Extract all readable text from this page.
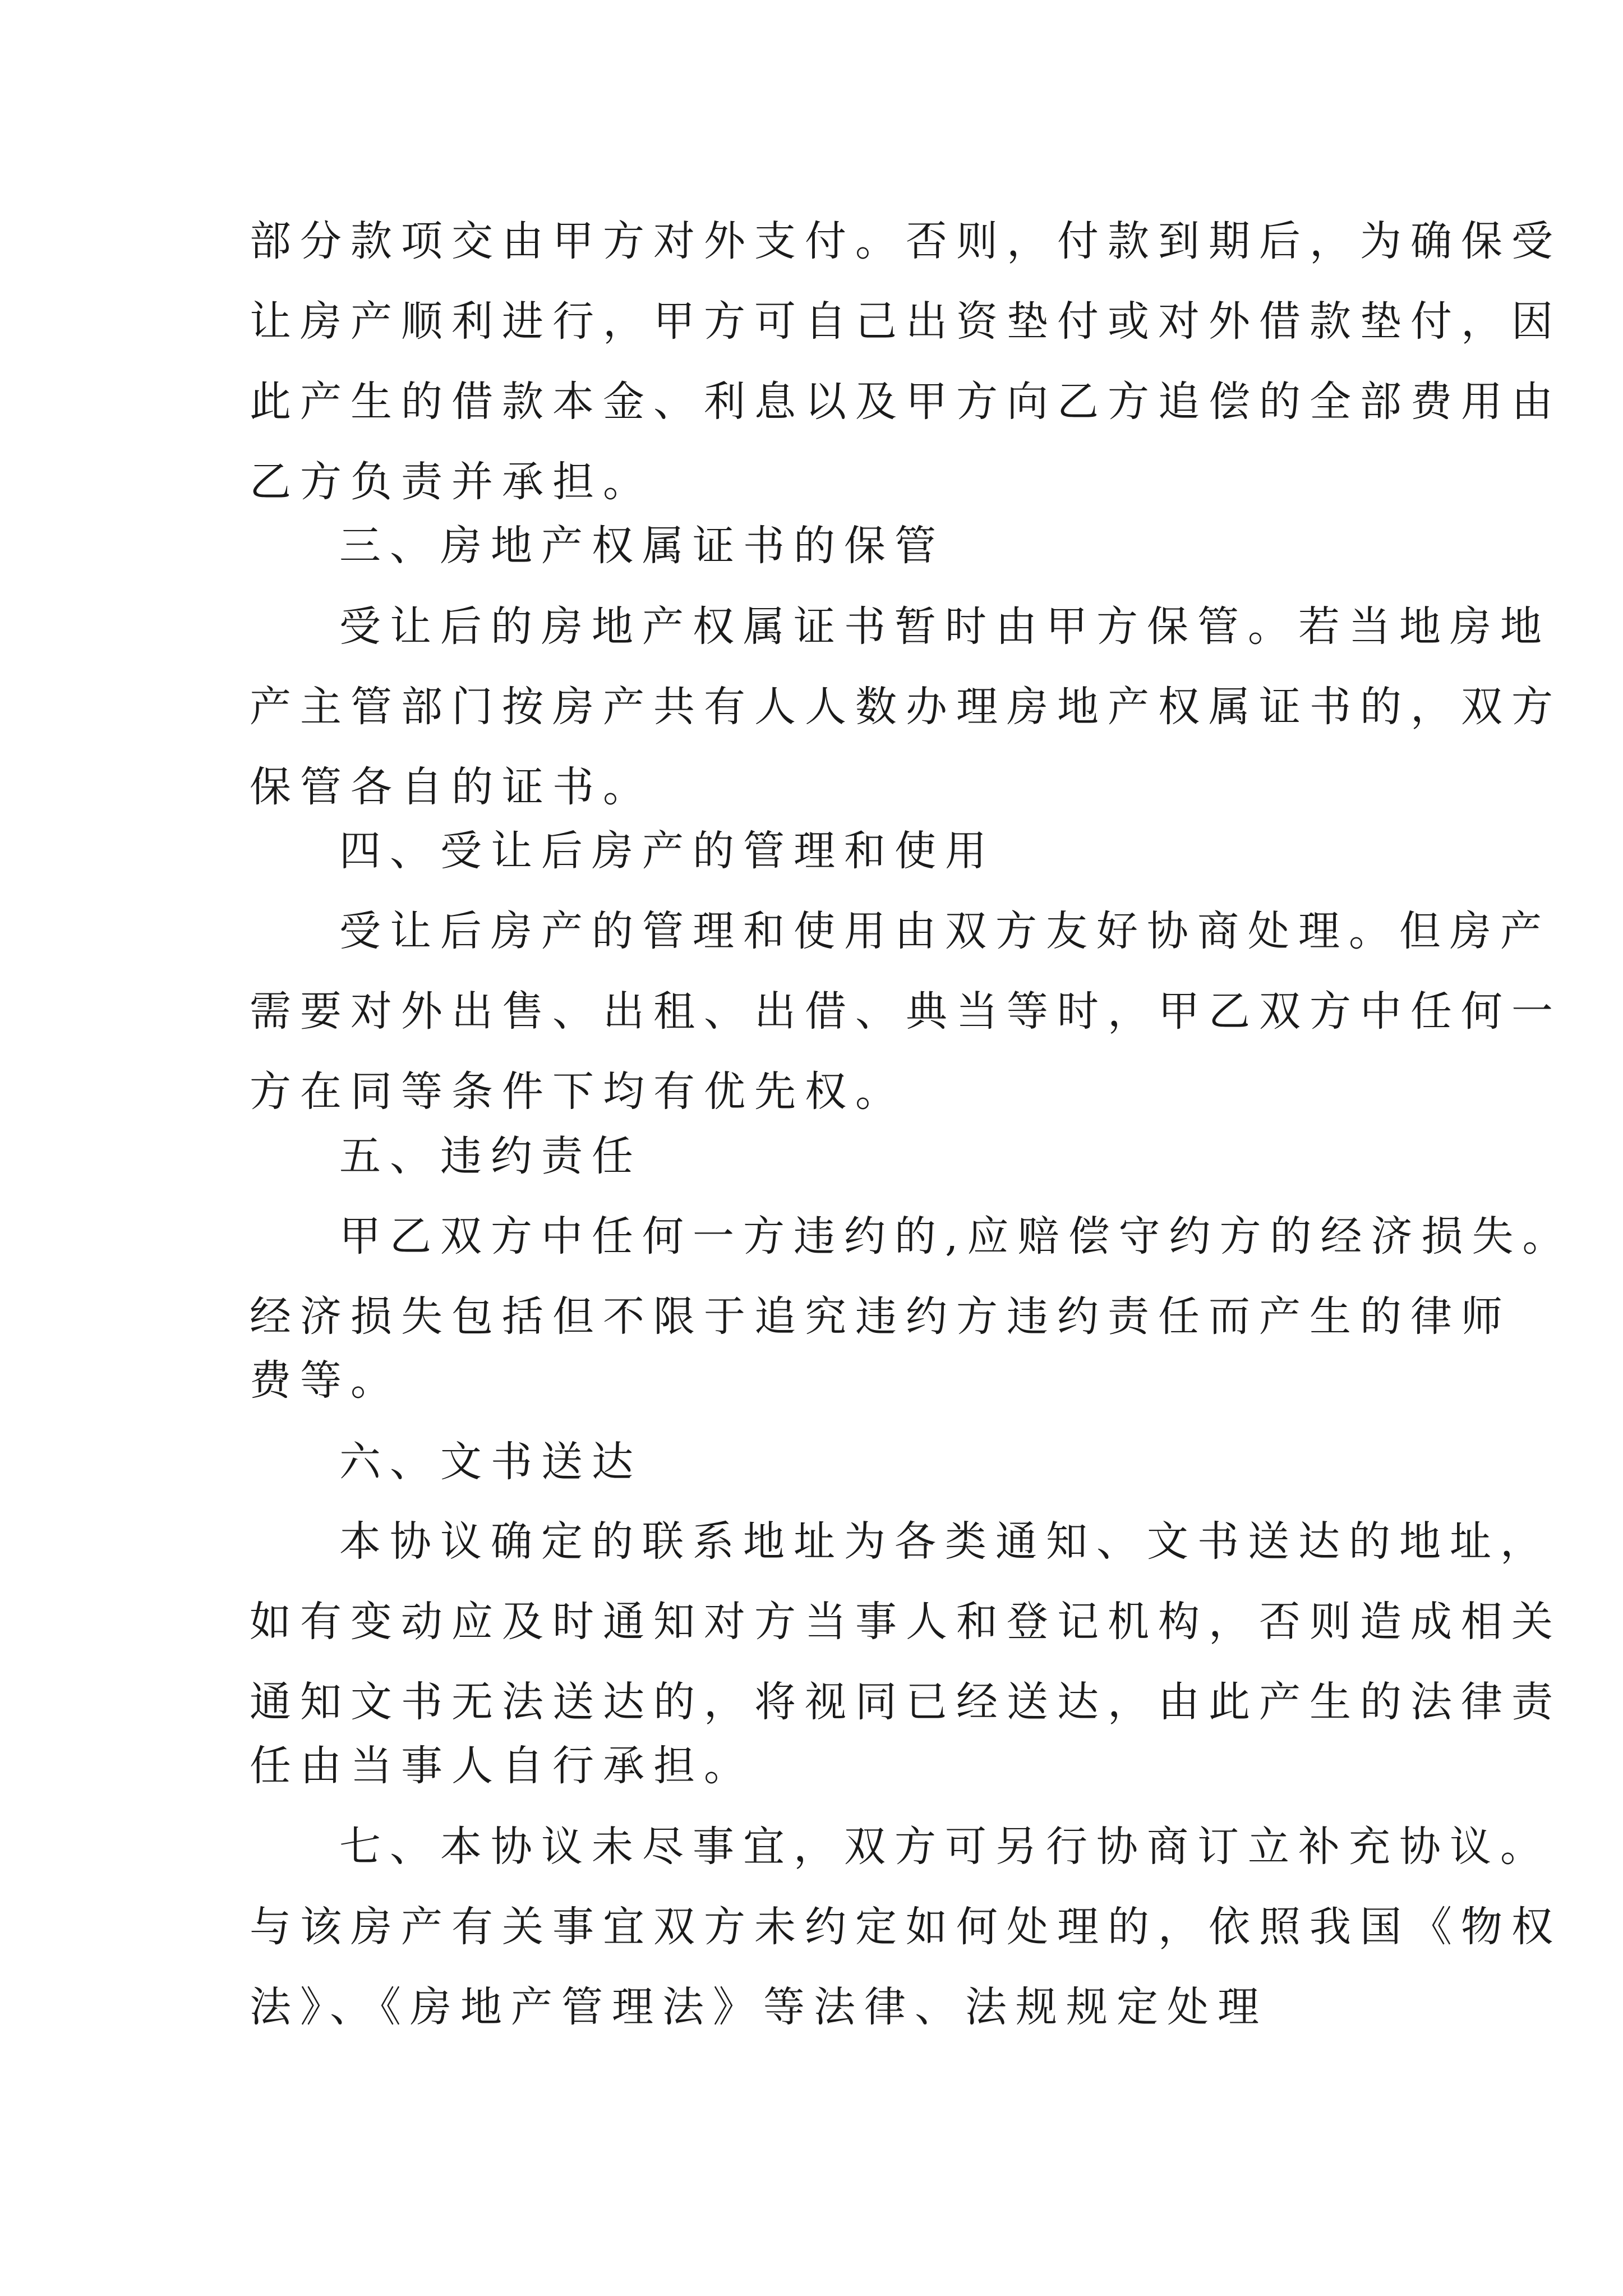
部分款项交由甲方对外支付。否则，付款到期后，为确保受
让房产顺利进行，甲方可自己出资垫付或对外借款垫付，因
此产生的借款本金、利息以及甲方向乙方追偿的全部费用由
乙方负责并承担。
三、房地产权属证书的保管
受让后的房地产权属证书暂时由甲方保管。若当地房地
产主管部门按房产共有人人数办理房地产权属证书的，双方
保管各自的证书。
四、受让后房产的管理和使用
受让后房产的管理和使用由双方友好协商处理。但房产
需要对外出售、出租、出借、典当等时，甲乙双方中任何一
方在同等条件下均有优先权。
五、违约责任
甲乙双方中任何一方违约的,应赔偿守约方的经济损失。
经济损失包括但不限于追究违约方违约责任而产生的律师
费等。
六、文书送达
本协议确定的联系地址为各类通知、文书送达的地址，
如有变动应及时通知对方当事人和登记机构，否则造成相关
通知文书无法送达的，将视同已经送达，由此产生的法律责
任由当事人自行承担。
七、本协议未尽事宜，双方可另行协商订立补充协议。
与该房产有关事宜双方未约定如何处理的，依照我国《物权
法》、《房地产管理法》等法律、法规规定处理
